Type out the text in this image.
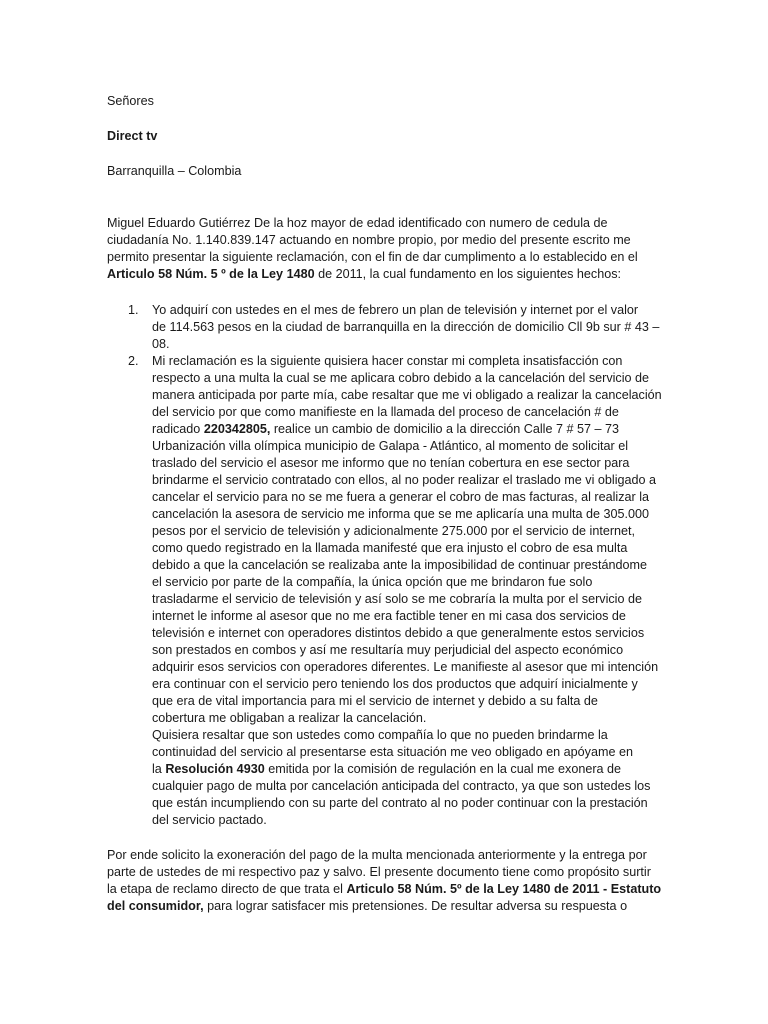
Señores
Direct tv
Barranquilla – Colombia
Miguel Eduardo Gutiérrez De la hoz mayor de edad identificado con numero de cedula de
ciudadanía No. 1.140.839.147 actuando en nombre propio, por medio del presente escrito me
permito presentar la siguiente reclamación, con el fin de dar cumplimento a lo establecido en el
Articulo 58 Núm. 5 º de la Ley 1480 de 2011, la cual fundamento en los siguientes hechos:
1. Yo adquirí con ustedes en el mes de febrero un plan de televisión y internet por el valor
de 114.563 pesos en la ciudad de barranquilla en la dirección de domicilio Cll 9b sur # 43 –
08.
2. Mi reclamación es la siguiente quisiera hacer constar mi completa insatisfacción con
respecto a una multa la cual se me aplicara cobro debido a la cancelación del servicio de
manera anticipada por parte mía, cabe resaltar que me vi obligado a realizar la cancelación
del servicio por que como manifieste en la llamada del proceso de cancelación # de
radicado 220342805, realice un cambio de domicilio a la dirección Calle 7 # 57 – 73
Urbanización villa olímpica municipio de Galapa - Atlántico, al momento de solicitar el
traslado del servicio el asesor me informo que no tenían cobertura en ese sector para
brindarme el servicio contratado con ellos, al no poder realizar el traslado me vi obligado a
cancelar el servicio para no se me fuera a generar el cobro de mas facturas, al realizar la
cancelación la asesora de servicio me informa que se me aplicaría una multa de 305.000
pesos por el servicio de televisión y adicionalmente 275.000 por el servicio de internet,
como quedo registrado en la llamada manifesté que era injusto el cobro de esa multa
debido a que la cancelación se realizaba ante la imposibilidad de continuar prestándome
el servicio por parte de la compañía, la única opción que me brindaron fue solo
trasladarme el servicio de televisión y así solo se me cobraría la multa por el servicio de
internet le informe al asesor que no me era factible tener en mi casa dos servicios de
televisión e internet con operadores distintos debido a que generalmente estos servicios
son prestados en combos y así me resultaría muy perjudicial del aspecto económico
adquirir esos servicios con operadores diferentes. Le manifieste al asesor que mi intención
era continuar con el servicio pero teniendo los dos productos que adquirí inicialmente y
que era de vital importancia para mi el servicio de internet y debido a su falta de
cobertura me obligaban a realizar la cancelación.
Quisiera resaltar que son ustedes como compañía lo que no pueden brindarme la
continuidad del servicio al presentarse esta situación me veo obligado en apóyame en
la Resolución 4930 emitida por la comisión de regulación en la cual me exonera de
cualquier pago de multa por cancelación anticipada del contracto, ya que son ustedes los
que están incumpliendo con su parte del contrato al no poder continuar con la prestación
del servicio pactado.
Por ende solicito la exoneración del pago de la multa mencionada anteriormente y la entrega por
parte de ustedes de mi respectivo paz y salvo. El presente documento tiene como propósito surtir
la etapa de reclamo directo de que trata el Articulo 58 Núm. 5º de la Ley 1480 de 2011 - Estatuto
del consumidor, para lograr satisfacer mis pretensiones. De resultar adversa su respuesta o
